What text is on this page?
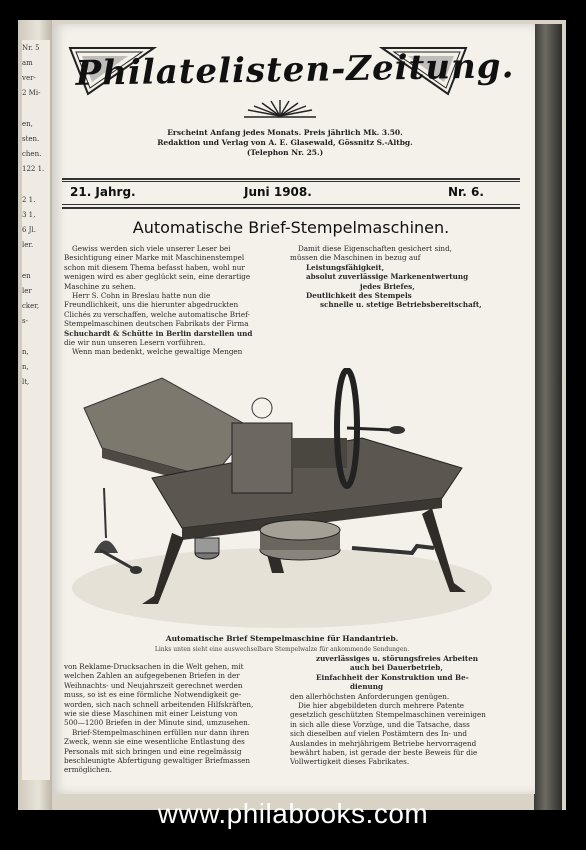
Nr. 5
am
ver-
2 Mi-
en,
sten.
chen.
122 1.
2 1.
3 1,
6 Jl.
ler.
en
ler
cker,
s-
n,
n,
lt,
Philatelisten-Zeitung.
Erscheint Anfang jedes Monats. Preis jährlich Mk. 3.50.
Redaktion und Verlag von A. E. Glasewald, Gössnitz S.-Altbg.
(Telephon Nr. 25.)
21. Jahrg.	Juni 1908.	Nr. 6.
Automatische Brief-Stempelmaschinen.

Gewiss werden sich viele unserer Leser bei

Besichtigung einer Marke mit Maschinenstempel

schon mit diesem Thema befasst haben, wohl nur

wenigen wird es aber geglückt sein, eine derartige

Maschine zu sehen.

Herr S. Cohn in Breslau hatte nun die

Freundlichkeit, uns die hierunter abgedruckten

Clichés zu verschaffen, welche automatische Brief-

Stempelmaschinen deutschen Fabrikats der Firma

Schuchardt & Schütte in Berlin darstellen und

die wir nun unseren Lesern vorführen.

Wenn man bedenkt, welche gewaltige Mengen

Damit diese Eigenschaften gesichert sind,

müssen die Maschinen in bezug auf

Leistungsfähigkeit,

absolut zuverlässige Markenentwertung

jedes Briefes,

Deutlichkeit des Stempels

schnelle u. stetige Betriebsbereitschaft,

Automatische Brief Stempelmaschine für Handantrieb.
Links unten sieht eine auswechselbare Stempelwalze für ankommende Sendungen.

von Reklame-Drucksachen in die Welt gehen, mit

welchen Zahlen an aufgegebenen Briefen in der

Weihnachts- und Neujahrszeit gerechnet werden

muss, so ist es eine förmliche Notwendigkeit ge-

worden, sich nach schnell arbeitenden Hilfskräften,

wie sie diese Maschinen mit einer Leistung von

500—1200 Briefen in der Minute sind, umzusehen.

Brief-Stempelmaschinen erfüllen nur dann ihren

Zweck, wenn sie eine wesentliche Entlastung des

Personals mit sich bringen und eine regelmässig

beschleunigte Abfertigung gewaltiger Briefmassen

ermöglichen.

zuverlässiges u. störungsfreies Arbeiten

auch bei Dauerbetrieb,

Einfachheit der Konstruktion und Be-

dienung

den allerhöchsten Anforderungen genügen.

Die hier abgebildeten durch mehrere Patente

gesetzlich geschützten Stempelmaschinen vereinigen

in sich alle diese Vorzüge, und die Tatsache, dass

sich dieselben auf vielen Postämtern des In- und

Auslandes in mehrjährigem Betriebe hervorragend

bewährt haben, ist gerade der beste Beweis für die

Vollwertigkeit dieses Fabrikates.

www.philabooks.com
